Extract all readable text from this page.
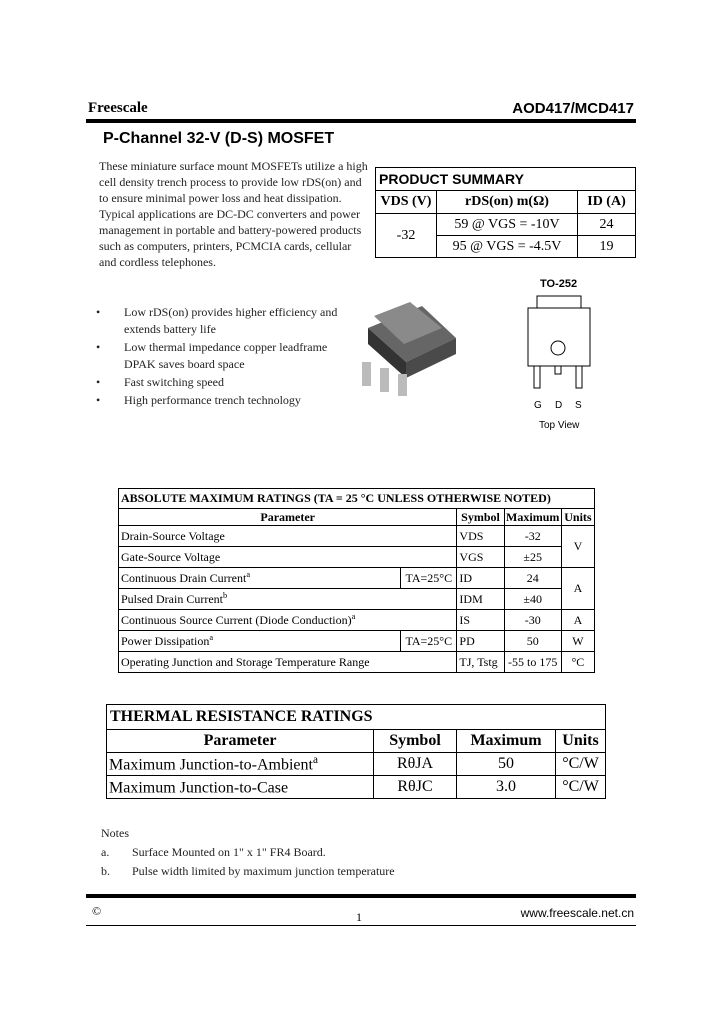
Freescale	AOD417/MCD417
P-Channel 32-V (D-S) MOSFET
These miniature surface mount MOSFETs utilize a high cell density trench process to provide low rDS(on) and to ensure minimal power loss and heat dissipation. Typical applications are DC-DC converters and power management in portable and battery-powered products such as computers, printers, PCMCIA cards, cellular and cordless telephones.
• Low rDS(on) provides higher efficiency and extends battery life
• Low thermal impedance copper leadframe DPAK saves board space
• Fast switching speed
• High performance trench technology
PRODUCT SUMMARY		
VDS (V)	rDS(on) m(Ω)	ID (A)
-32	59 @ VGS = -10V	24
	95 @ VGS = -4.5V	19
TO-252
G D S
Top View
ABSOLUTE MAXIMUM RATINGS (TA = 25 °C UNLESS OTHERWISE NOTED)				
Parameter		Symbol	Maximum	Units
Drain-Source Voltage		VDS	-32	V
Gate-Source Voltage		VGS	±25	
Continuous Drain Current$^a$	TA=25°C	ID	24	A
Pulsed Drain Current$^b$		IDM	±40	
Continuous Source Current (Diode Conduction)$^a$		IS	-30	A
Power Dissipation$^a$	TA=25°C	PD	50	W
Operating Junction and Storage Temperature Range		TJ, Tstg	-55 to 175	°C
THERMAL RESISTANCE RATINGS			
Parameter	Symbol	Maximum	Units
Maximum Junction-to-Ambient$^a$	RθJA	50	°C/W
Maximum Junction-to-Case	RθJC	3.0	°C/W
Notes
a. Surface Mounted on 1" x 1" FR4 Board.
b. Pulse width limited by maximum junction temperature
©	1	www.freescale.net.cn
